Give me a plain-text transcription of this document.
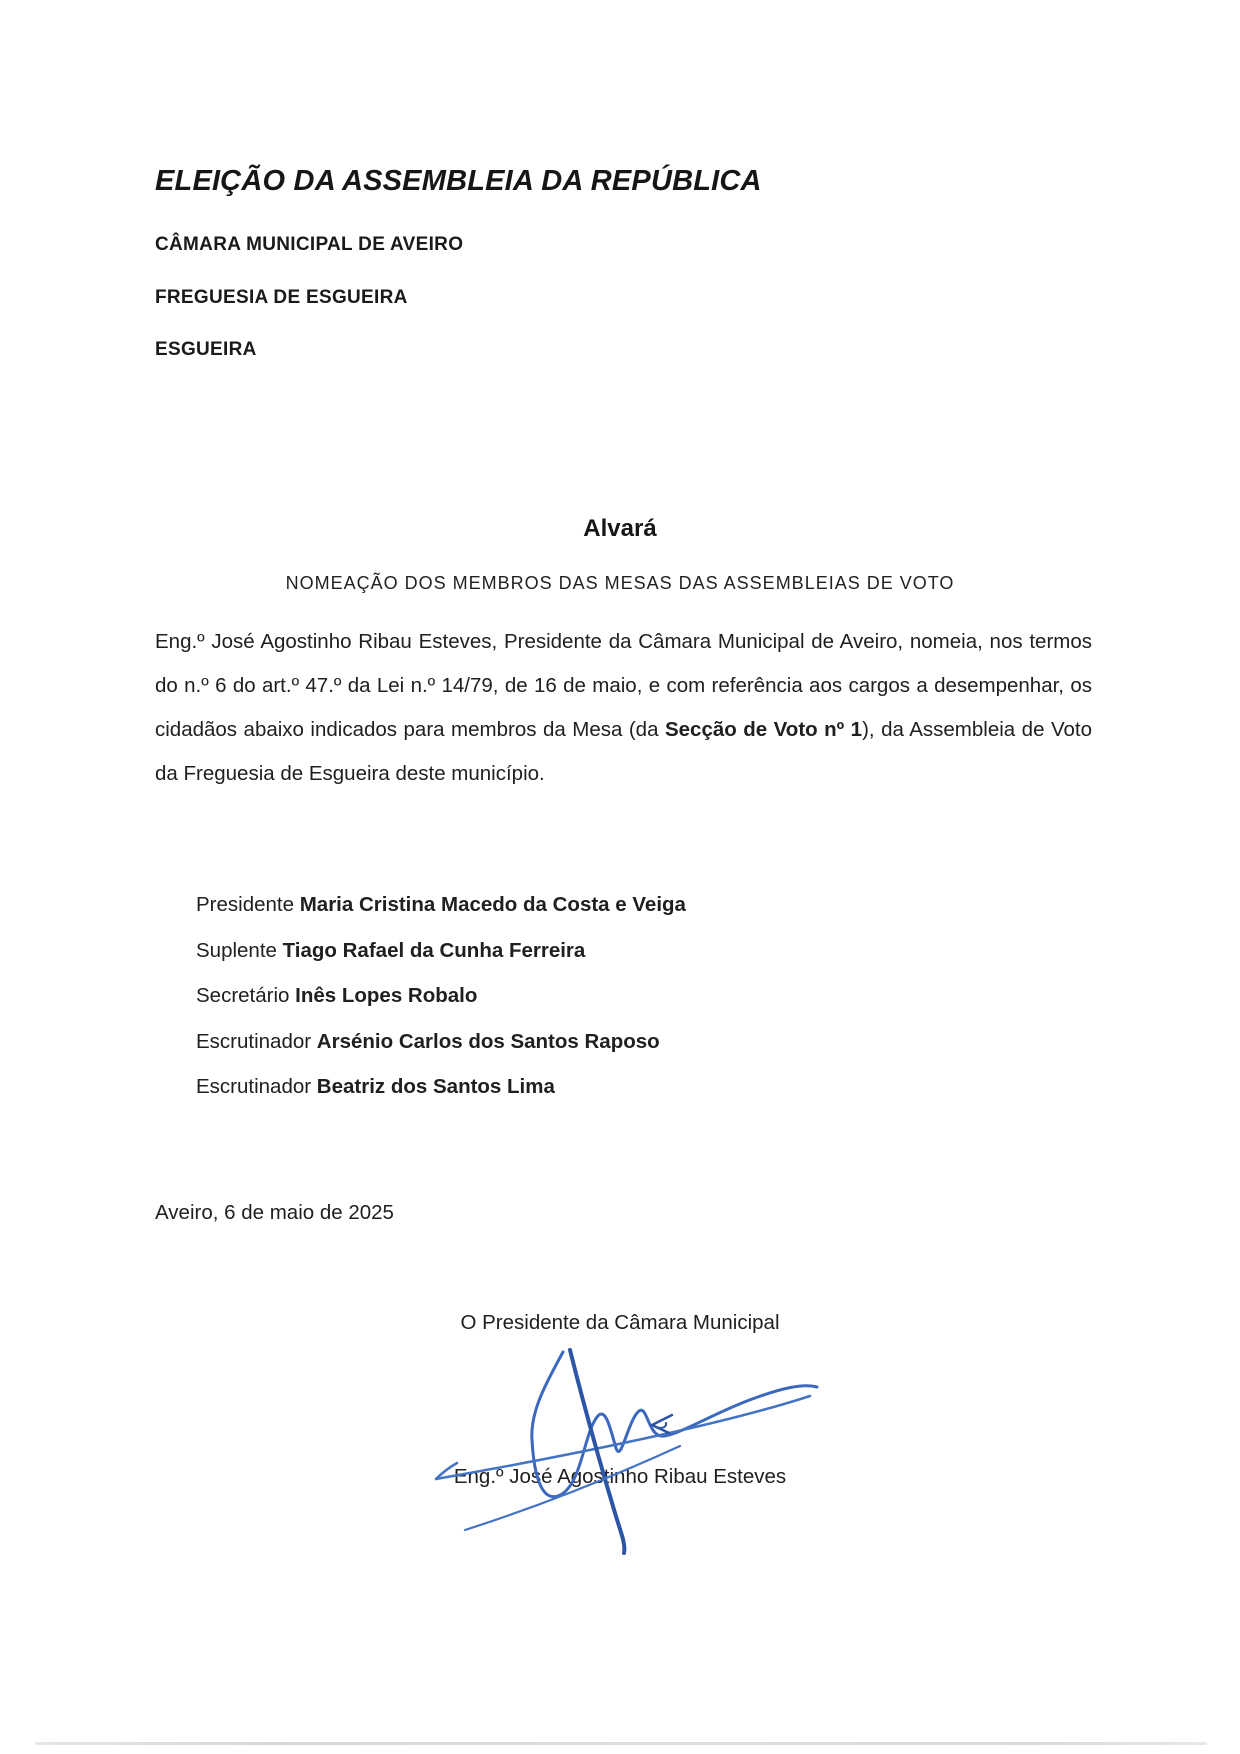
ELEIÇÃO DA ASSEMBLEIA DA REPÚBLICA
CÂMARA MUNICIPAL DE AVEIRO
FREGUESIA DE ESGUEIRA
ESGUEIRA
Alvará
NOMEAÇÃO DOS MEMBROS DAS MESAS DAS ASSEMBLEIAS DE VOTO

Eng.º José Agostinho Ribau Esteves, Presidente da Câmara Municipal de Aveiro, nomeia, nos termos do n.º 6 do art.º 47.º da Lei n.º 14/79, de 16 de maio, e com referência aos cargos a desempenhar, os cidadãos abaixo indicados para membros da Mesa (da Secção de Voto nº 1), da Assembleia de Voto da Freguesia de Esgueira deste município.

Presidente Maria Cristina Macedo da Costa e Veiga
Suplente Tiago Rafael da Cunha Ferreira
Secretário Inês Lopes Robalo
Escrutinador Arsénio Carlos dos Santos Raposo
Escrutinador Beatriz dos Santos Lima
Aveiro, 6 de maio de 2025
O Presidente da Câmara Municipal
Eng.º José Agostinho Ribau Esteves
